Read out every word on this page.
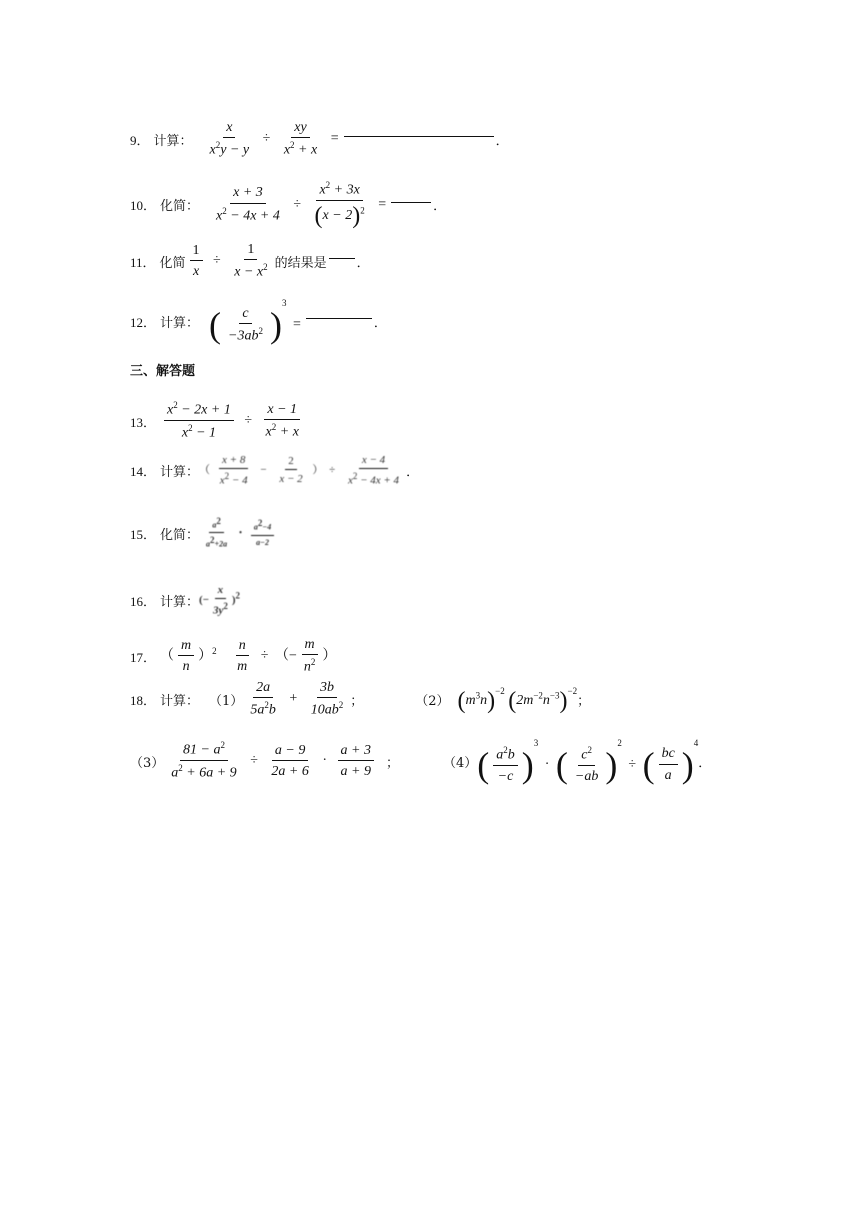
9． 计算： $\frac{x}{x^2y - y} \div \frac{xy}{x^2 + x}$ =	．
10． 化简： $\frac{x + 3}{x^2 - 4x + 4} \div \frac{x^2 + 3x}{(x - 2)^2}$ =	．
11． 化简 $\frac{1}{x} \div \frac{1}{x - x^2}$ 的结果是 ．
12． 计算： ( $\frac{c}{-3ab^2} )^3$ =	．
三、解答题
13． $\frac{x^2 - 2x + 1}{x^2 - 1} \div \frac{x - 1}{x^2 + x}$
14． 计算： （ $\frac{x + 8}{x^2 - 4} - \frac{2}{x - 2}$ ） ÷ $\frac{x - 4}{x^2 - 4x + 4}$ ．
15． 化简： $\frac{a^2}{a^2+2a}$ • $\frac{a^2-4}{a-2}$
16． 计算： (− $\frac{x}{3y^2} )^2$
17． （ $\frac{m}{n} )^2 \frac{n}{m}$ ÷ （− $\frac{m}{n^2}$ ）
18． 计算： $(1) \frac{2a}{5a^2b} + \frac{3b}{10ab^2}$ ；	（2） $(m^3n)^{-2}$ $(2m^{-2}n^{-3})^{-2}$
；
$(3) \frac{81 - a^2}{a^2 + 6a + 9} \div \frac{a - 9}{2a + 6} \cdot \frac{a + 3}{a + 9}$ ；	（4） ( $\frac{a^2b}{-c} )^3$ · ( $\frac{c^2}{-ab} )^2$ ÷ ( $\frac{bc}{a} )^4$
．
